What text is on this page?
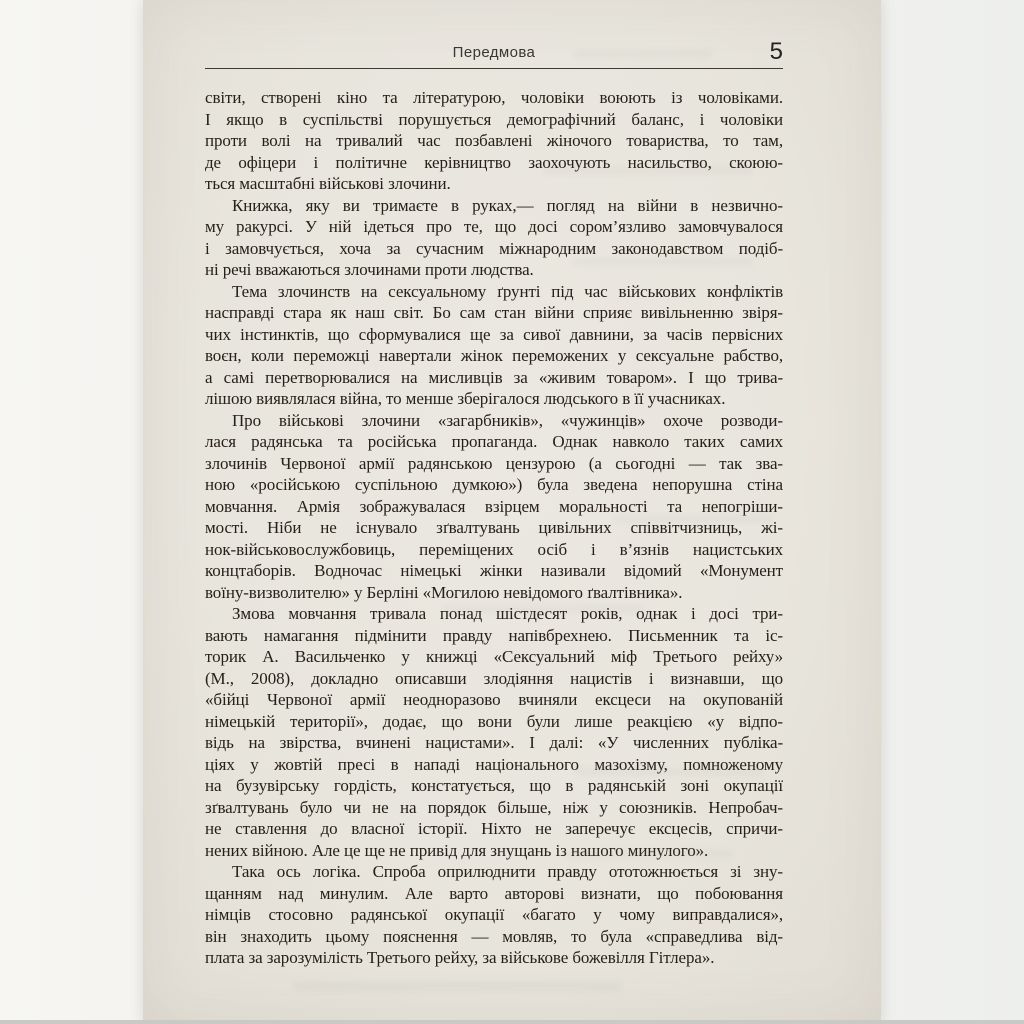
Передмова	5
світи, створені кіно та літературою, чоловіки воюють із чоловіками.
І якщо в суспільстві порушується демографічний баланс, і чоловіки
проти волі на тривалий час позбавлені жіночого товариства, то там,
де офіцери і політичне керівництво заохочують насильство, скоюю-
ться масштабні військові злочини.
Книжка, яку ви тримаєте в руках,— погляд на війни в незвично-
му ракурсі. У ній ідеться про те, що досі сором’язливо замовчувалося
і замовчується, хоча за сучасним міжнародним законодавством подіб-
ні речі вважаються злочинами проти людства.
Тема злочинств на сексуальному ґрунті під час військових конфліктів
насправді стара як наш світ. Бо сам стан війни сприяє вивільненню звіря-
чих інстинктів, що сформувалися ще за сивої давнини, за часів первісних
воєн, коли переможці навертали жінок переможених у сексуальне рабство,
а самі перетворювалися на мисливців за «живим товаром». І що трива-
лішою виявлялася війна, то менше зберігалося людського в її учасниках.
Про військові злочини «загарбників», «чужинців» охоче розводи-
лася радянська та російська пропаганда. Однак навколо таких самих
злочинів Червоної армії радянською цензурою (а сьогодні — так зва-
ною «російською суспільною думкою») була зведена непорушна стіна
мовчання. Армія зображувалася взірцем моральності та непогріши-
мості. Ніби не існувало зґвалтувань цивільних співвітчизниць, жі-
нок-військовослужбовиць, переміщених осіб і в’язнів нацистських
концтаборів. Водночас німецькі жінки називали відомий «Монумент
воїну-визволителю» у Берліні «Могилою невідомого ґвалтівника».
Змова мовчання тривала понад шістдесят років, однак і досі три-
вають намагання підмінити правду напівбрехнею. Письменник та іс-
торик А. Васильченко у книжці «Сексуальний міф Третього рейху»
(М., 2008), докладно описавши злодіяння нацистів і визнавши, що
«бійці Червоної армії неодноразово вчиняли ексцеси на окупованій
німецькій території», додає, що вони були лише реакцією «у відпо-
відь на звірства, вчинені нацистами». І далі: «У численних публіка-
ціях у жовтій пресі в нападі національного мазохізму, помноженому
на бузувірську гордість, констатується, що в радянській зоні окупації
зґвалтувань було чи не на порядок більше, ніж у союзників. Непробач-
не ставлення до власної історії. Ніхто не заперечує ексцесів, спричи-
нених війною. Але це ще не привід для знущань із нашого минулого».
Така ось логіка. Спроба оприлюднити правду ототожнюється зі зну-
щанням над минулим. Але варто авторові визнати, що побоювання
німців стосовно радянської окупації «багато у чому виправдалися»,
він знаходить цьому пояснення — мовляв, то була «справедлива від-
плата за зарозумілість Третього рейху, за військове божевілля Гітлера».
